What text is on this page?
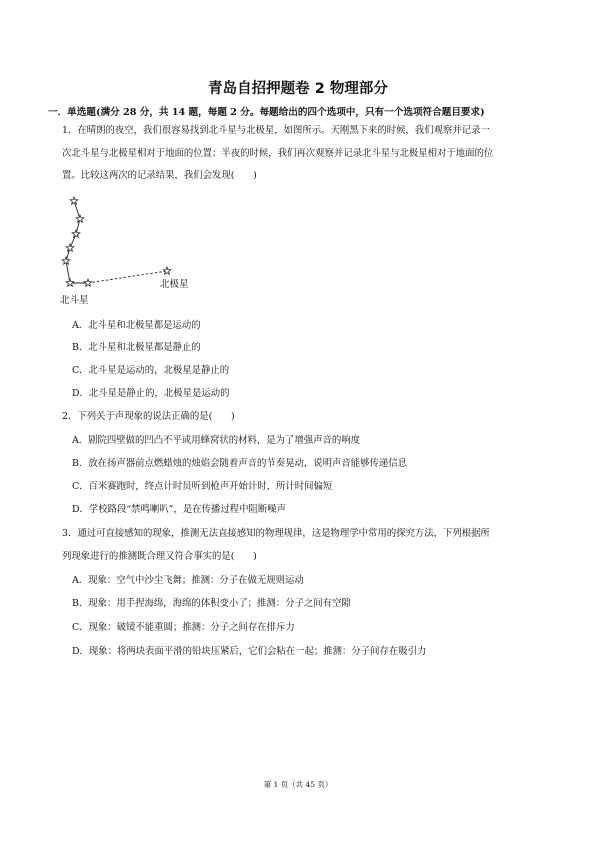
青岛自招押题卷 2 物理部分
一．单选题(满分 28 分，共 14 题，每题 2 分。每题给出的四个选项中，只有一个选项符合题目要求)
1．在晴朗的夜空，我们很容易找到北斗星与北极星，如图所示。天刚黑下来的时候，我们观察并记录一
次北斗星与北极星相对于地面的位置；半夜的时候，我们再次观察并记录北斗星与北极星相对于地面的位
置。比较这两次的记录结果，我们会发现(　　)
北斗星
北极星
A．北斗星和北极星都是运动的
B．北斗星和北极星都是静止的
C．北斗星是运动的，北极星是静止的
D．北斗星是静止的，北极星是运动的
2．下列关于声现象的说法正确的是(　　)
A．剧院四壁做的凹凸不平或用蜂窝状的材料，是为了增强声音的响度
B．放在扬声器前点燃蜡烛的烛焰会随着声音的节奏晃动，说明声音能够传递信息
C．百米赛跑时，终点计时员听到枪声开始计时，所计时间偏短
D．学校路段“禁鸣喇叭”，是在传播过程中阻断噪声
3．通过可直接感知的现象，推测无法直接感知的物理规律，这是物理学中常用的探究方法，下列根据所
列现象进行的推测既合理又符合事实的是(　　)
A．现象：空气中沙尘飞舞；推测：分子在做无规则运动
B．现象：用手捏海绵，海绵的体积变小了；推测：分子之间有空隙
C．现象：破镜不能重圆；推测：分子之间存在排斥力
D．现象：将两块表面平滑的铅块压紧后，它们会粘在一起；推测：分子间存在吸引力
第 1 页（共 45 页）
